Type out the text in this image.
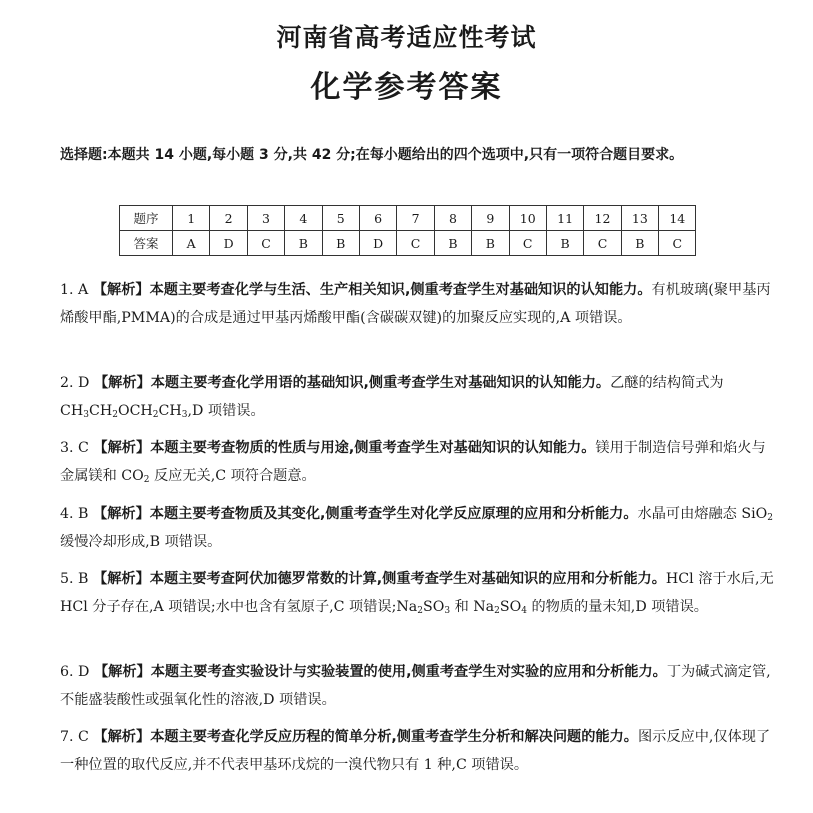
河南省高考适应性考试
化学参考答案
选择题:本题共 14 小题,每小题 3 分,共 42 分;在每小题给出的四个选项中,只有一项符合题目要求。
题序	1	2	3	4	5	6	7	8	9	10	11	12	13	14
答案	A	D	C	B	B	D	C	B	B	C	B	C	B	C
1. A 【解析】本题主要考查化学与生活、生产相关知识,侧重考查学生对基础知识的认知能力。有机玻璃(聚甲基丙烯酸甲酯,PMMA)的合成是通过甲基丙烯酸甲酯(含碳碳双键)的加聚反应实现的,A 项错误。
2. D 【解析】本题主要考查化学用语的基础知识,侧重考查学生对基础知识的认知能力。乙醚的结构简式为 $CH_3CH_2OCH_2CH_3,D$ 项错误。
3. C 【解析】本题主要考查物质的性质与用途,侧重考查学生对基础知识的认知能力。镁用于制造信号弹和焰火与金属镁和 $CO_2$ 反应无关,C 项符合题意。
4. B 【解析】本题主要考查物质及其变化,侧重考查学生对化学反应原理的应用和分析能力。水晶可由熔融态 SiO$_2$ 缓慢冷却形成,B 项错误。
5. B 【解析】本题主要考查阿伏加德罗常数的计算,侧重考查学生对基础知识的应用和分析能力。HCl 溶于水后,无 HCl 分子存在,A 项错误;水中也含有氢原子,C 项错误$;Na_2SO_3$ 和 $Na_2SO_4$ 的物质的量未知,D 项错误。
6. D 【解析】本题主要考查实验设计与实验装置的使用,侧重考查学生对实验的应用和分析能力。丁为碱式滴定管,不能盛装酸性或强氧化性的溶液,D 项错误。
7. C 【解析】本题主要考查化学反应历程的简单分析,侧重考查学生分析和解决问题的能力。图示反应中,仅体现了一种位置的取代反应,并不代表甲基环戊烷的一溴代物只有 1 种,C 项错误。
